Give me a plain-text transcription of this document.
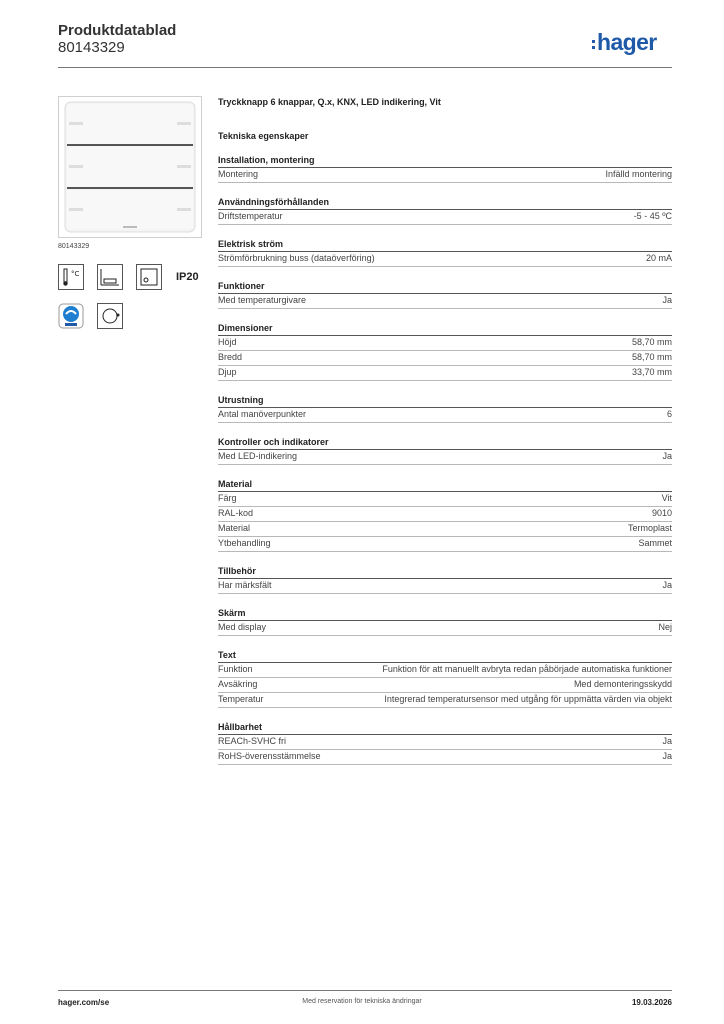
Produktdatablad
80143329	hager
80143329
°C	IP20
Tryckknapp 6 knappar, Q.x, KNX, LED indikering, Vit
Tekniska egenskaper
Installation, montering
Montering	Infälld montering
Användningsförhållanden
Driftstemperatur	-5 - 45 ºC
Elektrisk ström
Strömförbrukning buss (dataöverföring)	20 mA
Funktioner
Med temperaturgivare	Ja
Dimensioner
Höjd	58,70 mm
Bredd	58,70 mm
Djup	33,70 mm
Utrustning
Antal manöverpunkter	6
Kontroller och indikatorer
Med LED-indikering	Ja
Material
Färg	Vit
RAL-kod	9010
Material	Termoplast
Ytbehandling	Sammet
Tillbehör
Har märksfält	Ja
Skärm
Med display	Nej
Text
Funktion	Funktion för att manuellt avbryta redan påbörjade automatiska funktioner
Avsäkring	Med demonteringsskydd
Temperatur	Integrerad temperatursensor med utgång för uppmätta värden via objekt
Hållbarhet
REACh-SVHC fri	Ja
RoHS-överensstämmelse	Ja
hager.com/se	Med reservation för tekniska ändringar	19.03.2026
